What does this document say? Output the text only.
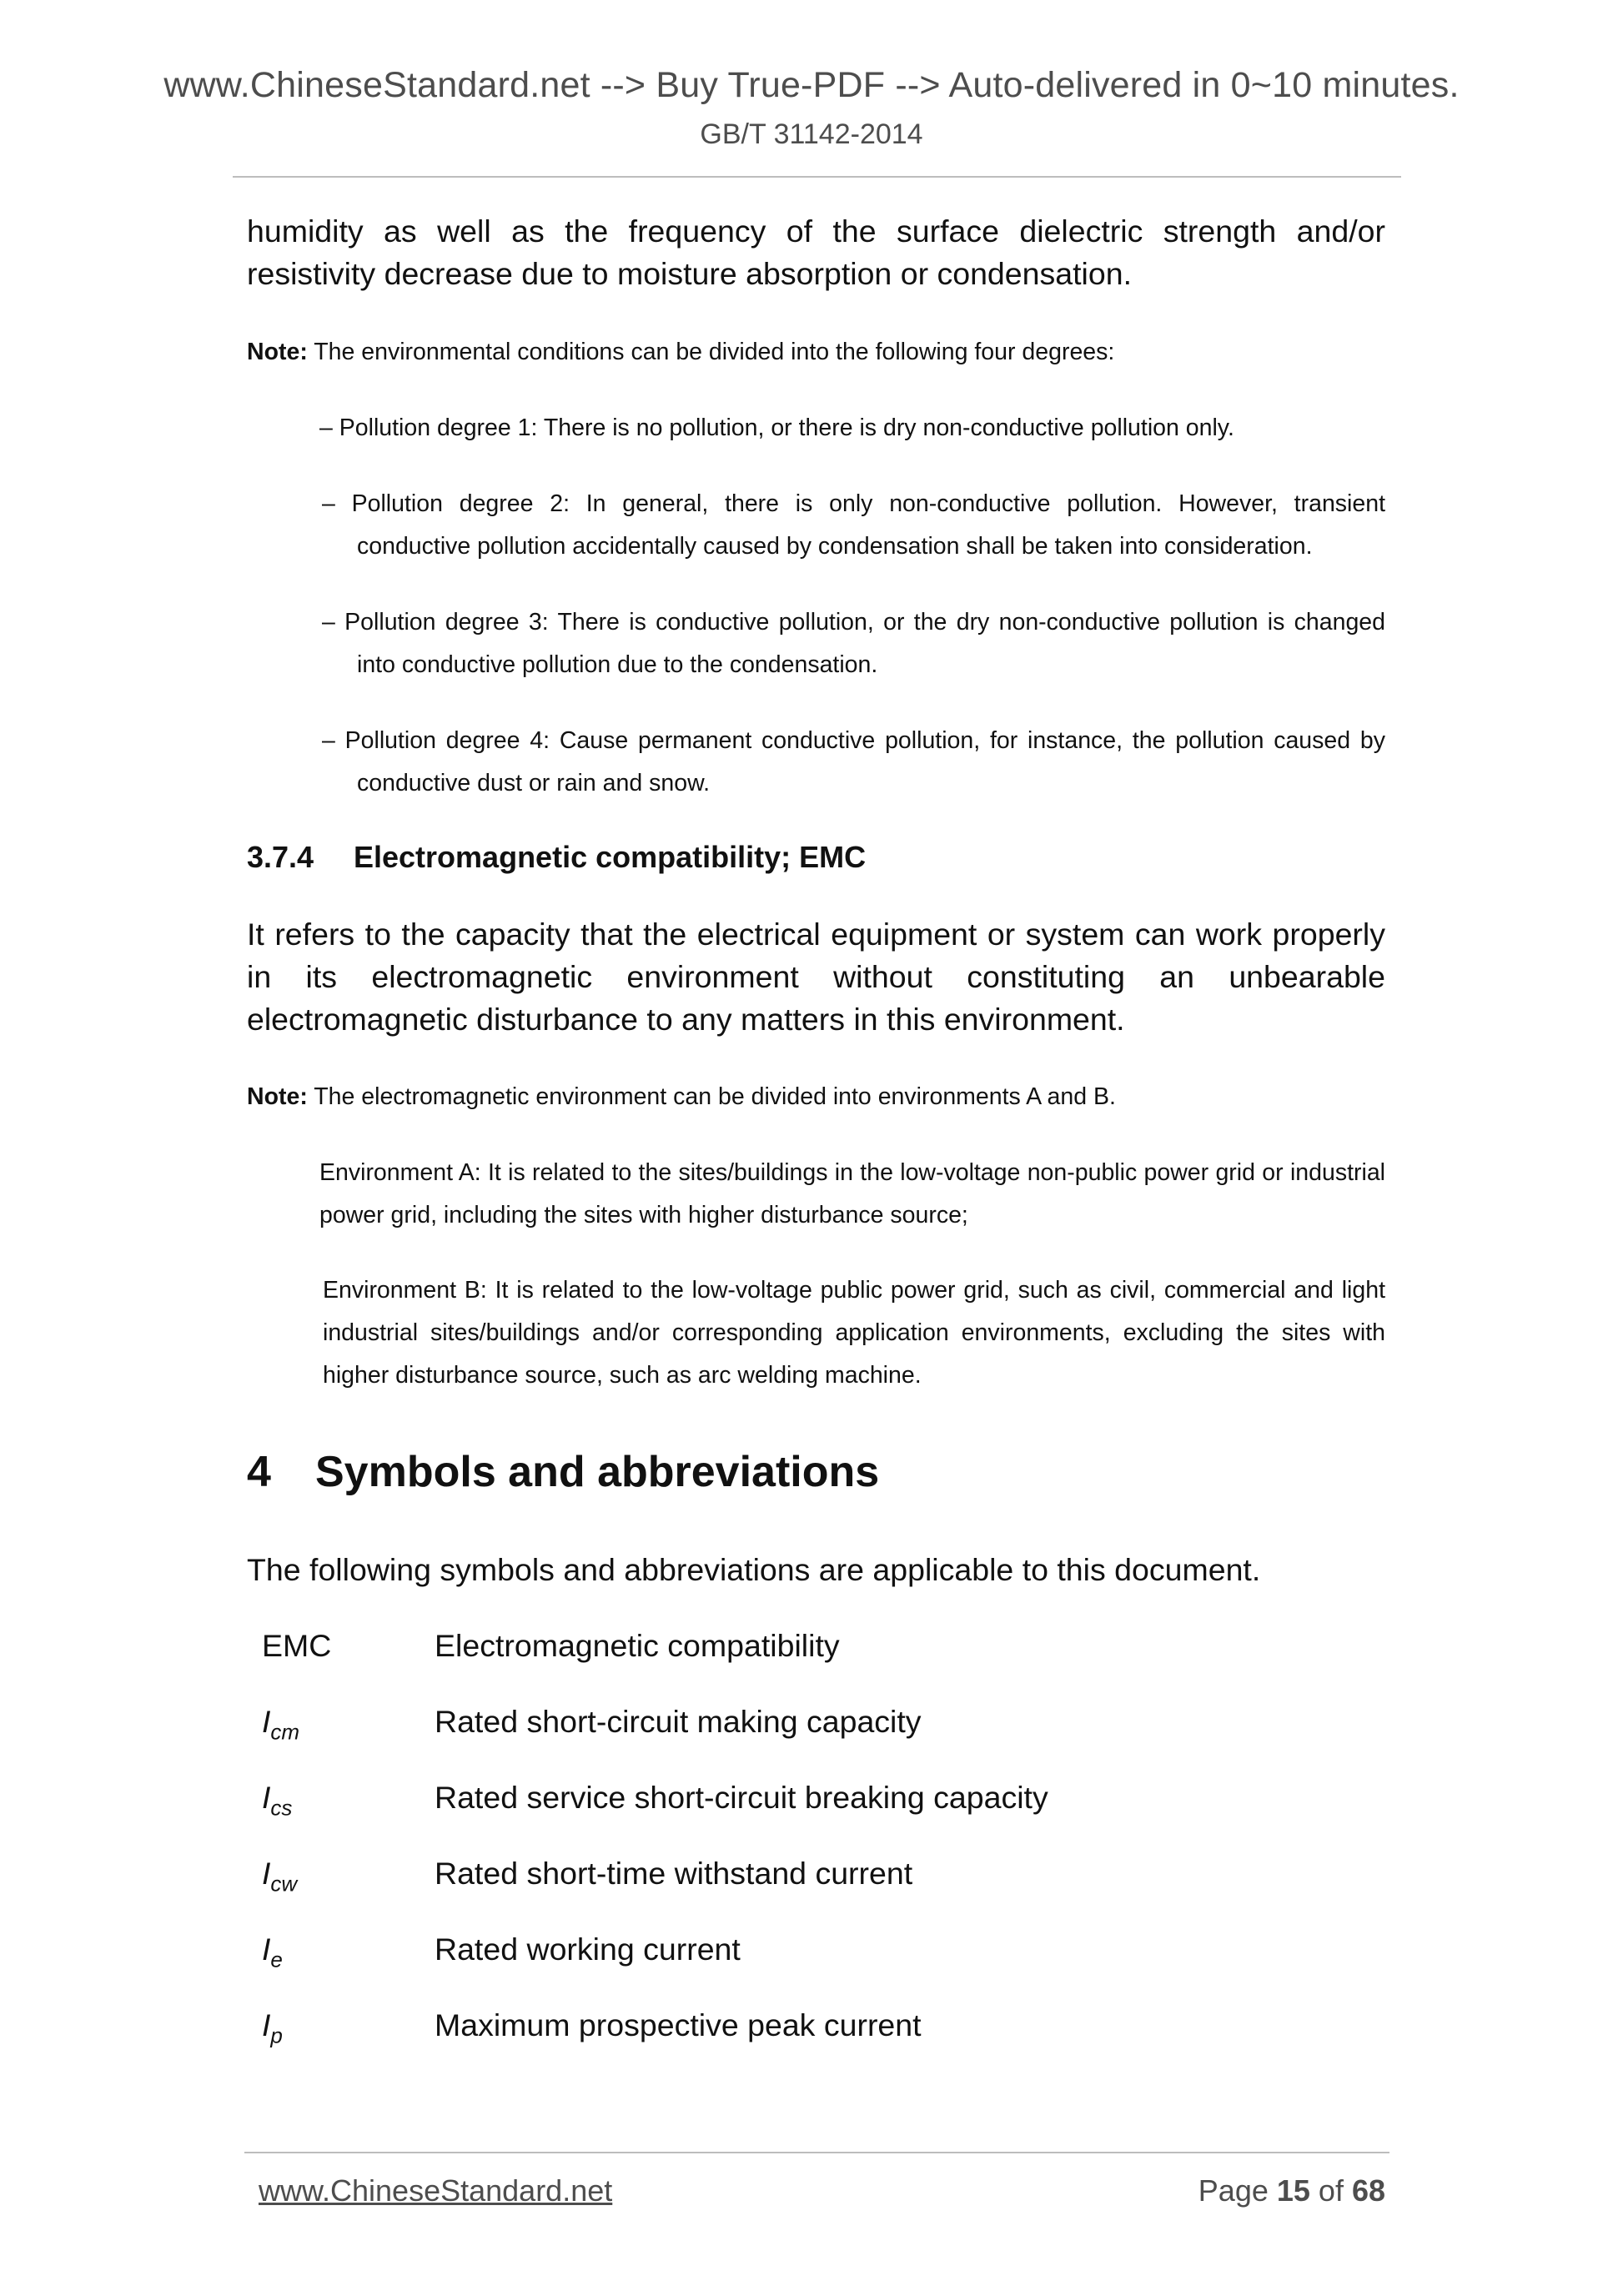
www.ChineseStandard.net --> Buy True-PDF --> Auto-delivered in 0~10 minutes.
GB/T 31142-2014
humidity as well as the frequency of the surface dielectric strength and/or
resistivity decrease due to moisture absorption or condensation.
Note: The environmental conditions can be divided into the following four degrees:
– Pollution degree 1: There is no pollution, or there is dry non-conductive pollution only.
– Pollution degree 2: In general, there is only non-conductive pollution. However, transient conductive pollution accidentally caused by condensation shall be taken into consideration.
– Pollution degree 3: There is conductive pollution, or the dry non-conductive pollution is changed into conductive pollution due to the condensation.
– Pollution degree 4: Cause permanent conductive pollution, for instance, the pollution caused by conductive dust or rain and snow.
3.7.4 Electromagnetic compatibility; EMC
It refers to the capacity that the electrical equipment or system can work properly in its electromagnetic environment without constituting an unbearable electromagnetic disturbance to any matters in this environment.
Note: The electromagnetic environment can be divided into environments A and B.
Environment A: It is related to the sites/buildings in the low-voltage non-public power grid or industrial power grid, including the sites with higher disturbance source;
Environment B: It is related to the low-voltage public power grid, such as civil, commercial and light industrial sites/buildings and/or corresponding application environments, excluding the sites with higher disturbance source, such as arc welding machine.
4 Symbols and abbreviations
The following symbols and abbreviations are applicable to this document.
EMC	Electromagnetic compatibility
$I_{cm}$	Rated short-circuit making capacity
$I_{cs}$	Rated service short-circuit breaking capacity
$I_{cw}$	Rated short-time withstand current
$I_e$	Rated working current
$I_p$	Maximum prospective peak current
www.ChineseStandard.net	Page 15 of 68
